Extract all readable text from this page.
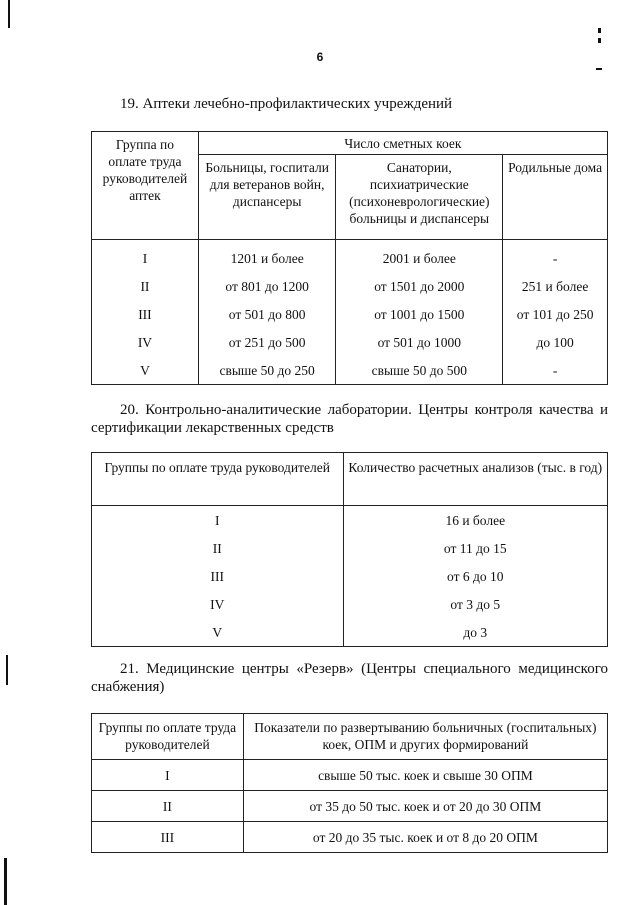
6
19. Аптеки лечебно-профилактических учреждений
Группа по оплате труда руководителей аптек	Число сметных коек		
	Больницы, госпитали для ветеранов войн, диспансеры	Санатории, психиатрические (психоневрологические) больницы и диспансеры	Родильные дома
I	1201 и более	2001 и более	-
II	от 801 до 1200	от 1501 до 2000	251 и более
III	от 501 до 800	от 1001 до 1500	от 101 до 250
IV	от 251 до 500	от 501 до 1000	до 100
V	свыше 50 до 250	свыше 50 до 500	-
20. Контрольно-аналитические лаборатории. Центры контроля качества и сертификации лекарственных средств
Группы по оплате труда руководителей	Количество расчетных анализов (тыс. в год)
I	16 и более
II	от 11 до 15
III	от 6 до 10
IV	от 3 до 5
V	до 3
21. Медицинские центры «Резерв» (Центры специального медицинского снабжения)
Группы по оплате труда руководителей	Показатели по развертыванию больничных (госпитальных) коек, ОПМ и других формирований
I	свыше 50 тыс. коек и свыше 30 ОПМ
II	от 35 до 50 тыс. коек и от 20 до 30 ОПМ
III	от 20 до 35 тыс. коек и от 8 до 20 ОПМ
